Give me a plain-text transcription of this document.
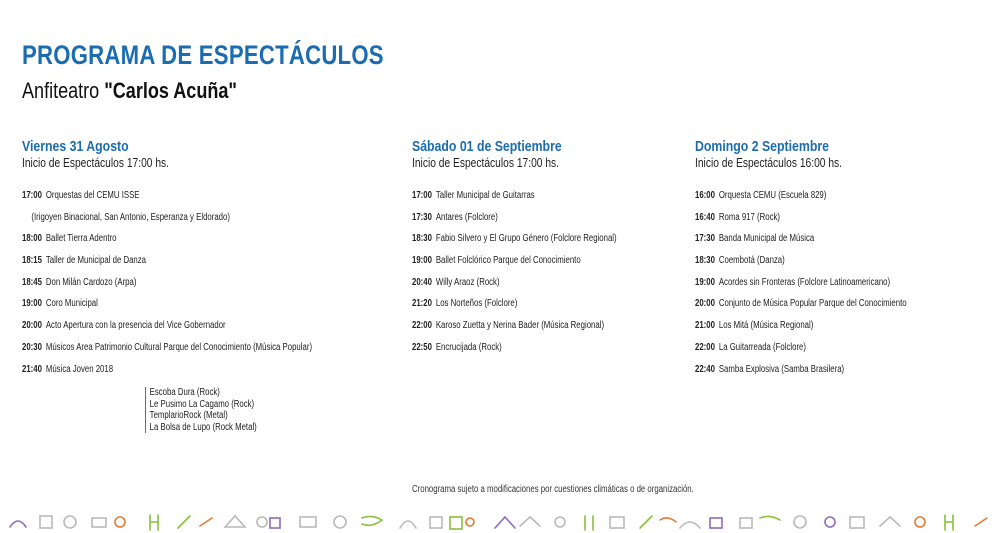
PROGRAMA DE ESPECTÁCULOS
Anfiteatro "Carlos Acuña"
Viernes 31 Agosto
Inicio de Espectáculos 17:00 hs.
17:00 Orquestas del CEMU ISSE
(Irigoyen Binacional, San Antonio, Esperanza y Eldorado)
18:00 Ballet Tierra Adentro
18:15 Taller de Municipal de Danza
18:45 Don Milán Cardozo (Arpa)
19:00 Coro Municipal
20:00 Acto Apertura con la presencia del Vice Gobernador
20:30 Músicos Area Patrimonio Cultural Parque del Conocimiento (Música Popular)
21:40 Música Joven 2018
Escoba Dura (Rock)
Le Pusimo La Cagamo (Rock)
TemplarioRock (Metal)
La Bolsa de Lupo (Rock Metal)
Sábado 01 de Septiembre
Inicio de Espectáculos 17:00 hs.
17:00 Taller Municipal de Guitarras
17:30 Antares (Folclore)
18:30 Fabio Silvero y El Grupo Género (Folclore Regional)
19:00 Ballet Folclórico Parque del Conocimiento
20:40 Willy Araoz (Rock)
21:20 Los Norteños (Folclore)
22:00 Karoso Zuetta y Nerina Bader (Música Regional)
22:50 Encrucijada (Rock)
Domingo 2 Septiembre
Inicio de Espectáculos 16:00 hs.
16:00 Orquesta CEMU (Escuela 829)
16:40 Roma 917 (Rock)
17:30 Banda Municipal de Música
18:30 Coembotá (Danza)
19:00 Acordes sin Fronteras (Folclore Latinoamericano)
20:00 Conjunto de Música Popular Parque del Conocimiento
21:00 Los Mitá (Música Regional)
22:00 La Guitarreada (Folclore)
22:40 Samba Explosiva (Samba Brasilera)
Cronograma sujeto a modificaciones por cuestiones climáticas o de organización.
